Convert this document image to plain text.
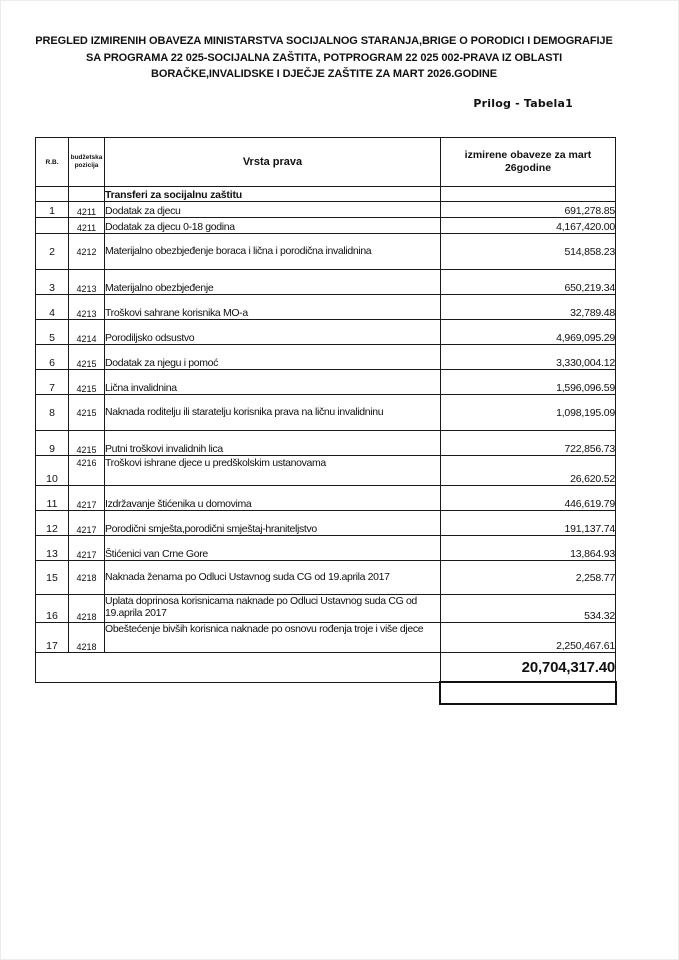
PREGLED IZMIRENIH OBAVEZA MINISTARSTVA SOCIJALNOG STARANJA,BRIGE O PORODICI I DEMOGRAFIJE
SA PROGRAMA 22 025-SOCIJALNA ZAŠTITA, POTPROGRAM 22 025 002-PRAVA IZ OBLASTI
BORAČKE,INVALIDSKE I DJEČJE ZAŠTITE ZA MART 2026.GODINE
Prilog - Tabela1
R.B.	budžetska pozicija	Vrsta prava	izmirene obaveze za mart 26godine
		Transferi za socijalnu zaštitu	
1	4211	Dodatak za djecu	691,278.85
	4211	Dodatak za djecu 0-18 godina	4,167,420.00
2	4212	Materijalno obezbjeđenje boraca i lična i porodična invalidnina	514,858.23
3	4213	Materijalno obezbjeđenje	650,219.34
4	4213	Troškovi sahrane korisnika MO-a	32,789.48
5	4214	Porodiljsko odsustvo	4,969,095.29
6	4215	Dodatak za njegu i pomoć	3,330,004.12
7	4215	Lična invalidnina	1,596,096.59
8	4215	Naknada roditelju ili staratelju korisnika prava na ličnu invalidninu	1,098,195.09
9	4215	Putni troškovi invalidnih lica	722,856.73
10	4216	Troškovi ishrane djece u predškolskim ustanovama	26,620.52
11	4217	Izdržavanje štićenika u domovima	446,619.79
12	4217	Porodični smješta,porodični smještaj-hraniteljstvo	191,137.74
13	4217	Štićenici van Crne Gore	13,864.93
15	4218	Naknada ženama po Odluci Ustavnog suda CG od 19.aprila 2017	2,258.77
16	4218	Uplata doprinosa korisnicama naknade po Odluci Ustavnog suda CG od 19.aprila 2017	534.32
17	4218	Obeštećenje bivših korisnica naknade po osnovu rođenja troje i više djece	2,250,467.61
			20,704,317.40
